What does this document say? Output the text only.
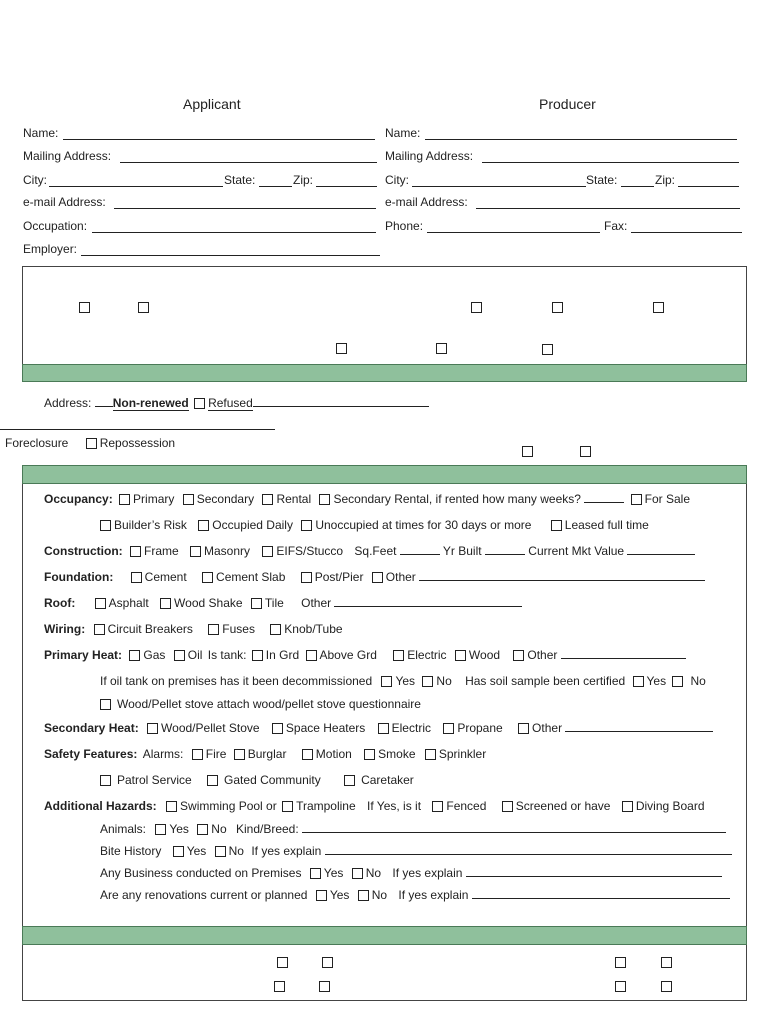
Applicant	Producer
Name:
Mailing Address:
City:	State:	Zip:
e-mail Address:
Occupation:
Employer:
Name:
Mailing Address:
City:	State:	Zip:
e-mail Address:
Phone:	Fax:
Address: Non-renewed Refused
Foreclosure	Repossession
Occupancy: Primary Secondary Rental Secondary Rental, if rented how many weeks?	For Sale
Builder’s Risk Occupied Daily Unoccupied at times for 30 days or more	Leased full time
Construction: Frame Masonry EIFS/Stucco Sq.Feet	Yr Built	Current Mkt Value
Foundation:	Cement Cement Slab Post/Pier Other
Roof:	Asphalt Wood Shake Tile Other
Wiring: Circuit Breakers Fuses Knob/Tube
Primary Heat: Gas Oil Is tank: In Grd Above Grd	Electric Wood Other
If oil tank on premises has it been decommissioned Yes No Has soil sample been certified Yes No
Wood/Pellet stove attach wood/pellet stove questionnaire
Secondary Heat: Wood/Pellet Stove Space Heaters Electric Propane Other
Safety Features: Alarms: Fire Burglar Motion Smoke Sprinkler
Patrol Service	Gated Community	Caretaker
Additional Hazards: Swimming Pool or Trampoline If Yes, is it Fenced Screened or have Diving Board
Animals: Yes No Kind/Breed:
Bite History Yes No If yes explain
Any Business conducted on Premises Yes No If yes explain
Are any renovations current or planned Yes No If yes explain
